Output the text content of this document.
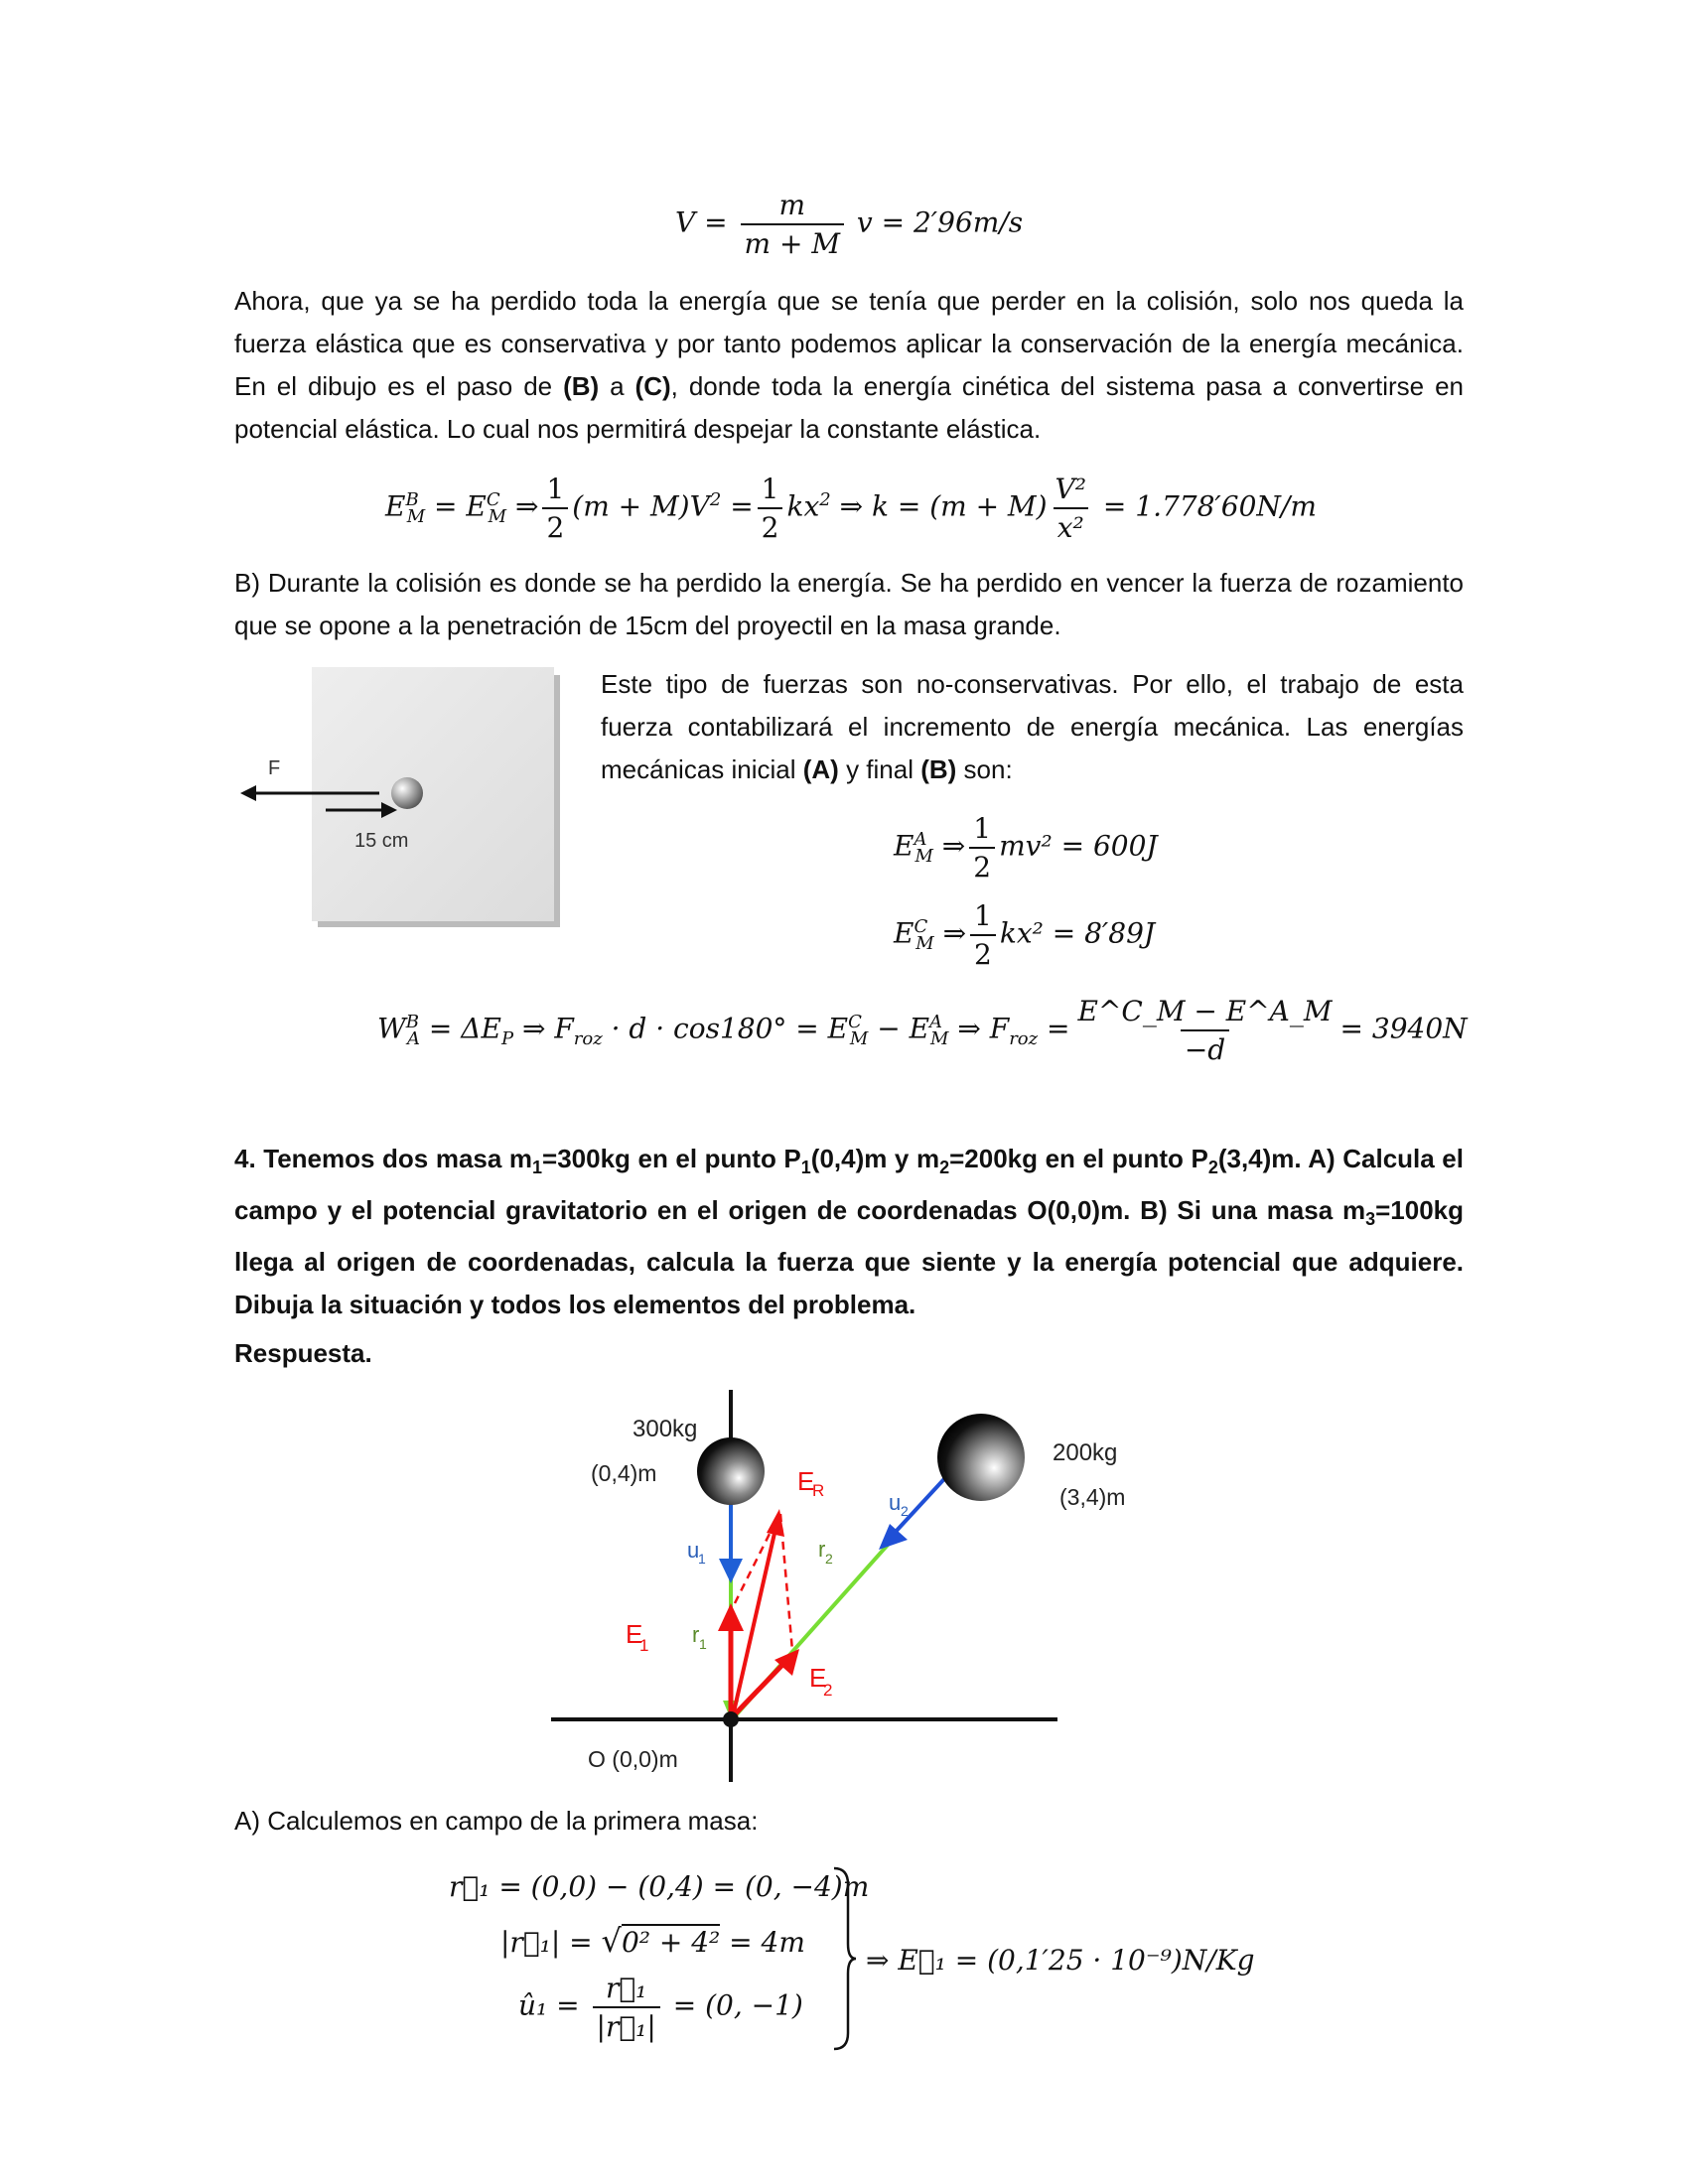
$V = \frac{m}{m + M}$ v = 2′96m/s
Ahora, que ya se ha perdido toda la energía que se tenía que perder en la colisión, solo nos queda la fuerza elástica que es conservativa y por tanto podemos aplicar la conservación de la energía mecánica. En el dibujo es el paso de (B) a (C), donde toda la energía cinética del sistema pasa a convertirse en potencial elástica. Lo cual nos permitirá despejar la constante elástica.
$E^B_M = E^C_M$ ⇒ $\frac{1}{2} (m + M)V^2 = \frac{1}{2} kx^2$ ⇒ $k = (m + M) \frac{\text{V²}}{\text{x²}} = 1.778'60N/m$
B) Durante la colisión es donde se ha perdido la energía. Se ha perdido en vencer la fuerza de rozamiento que se opone a la penetración de 15cm del proyectil en la masa grande.
F
15 cm
Este tipo de fuerzas son no-conservativas. Por ello, el trabajo de esta fuerza contabilizará el incremento de energía mecánica. Las energías mecánicas inicial (A) y final (B) son:
$E^A_M$ ⇒ $\frac{1}{2} mv^2 = 600J$
$E^C_M$ ⇒ $\frac{1}{2} kx^2 = 8'89J$
$W^B_A = \Delta E_P$ ⇒ $F_{roz} \cdot d \cdot \cos 180^\circ = E^C_M - E^A_M$ ⇒ $F_{roz} = \frac{E\^{}C\_M - E\^{}A\_M}{-d} = 3940N$
4. Tenemos dos masa $m_1=300kg$ en el punto $P_1(0,4)m$ y $m_2=200kg$ en el punto $P_2(3,4)m$. A) Calcula el campo y el potencial gravitatorio en el origen de coordenadas O(0,0)m. B) Si una masa $m_3=100kg$ llega al origen de coordenadas, calcula la fuerza que siente y la energía potencial que adquiere. Dibuja la situación y todos los elementos del problema.
Respuesta.
300kg
(0,4)m
200kg
(3,4)m
O (0,0)m
u
1
u 2
E
1
E
2
E
R
r 1
r 2
A) Calculemos en campo de la primera masa:
r⃗₁ = (0,0) − (0,4) = (0, −4)m
|r⃗₁| = √0² + 4² = 4m
û₁ = $\frac{\text{r⃗₁}}{\text{|r⃗₁|}} = (0$, −1)
⇒ E⃗₁ = (0,1′25 · 10⁻⁹)N/Kg
